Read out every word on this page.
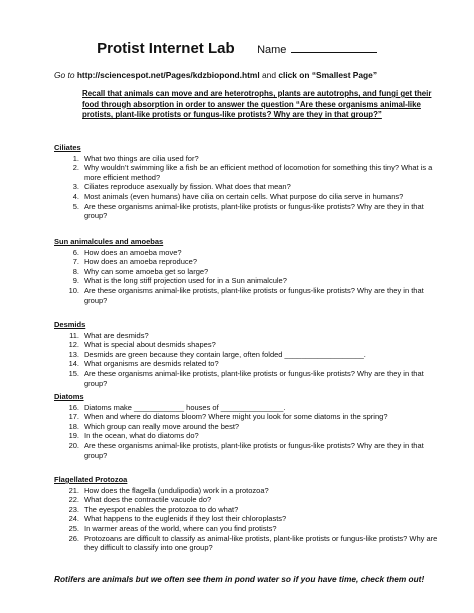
Protist Internet Lab Name
Go to http://sciencespot.net/Pages/kdzbiopond.html and click on “Smallest Page”
Recall that animals can move and are heterotrophs, plants are autotrophs, and fungi get their food through absorption in order to answer the question “Are these organisms animal-like protists, plant-like protists or fungus-like protists? Why are they in that group?”
Ciliates
1. What two things are cilia used for?
2. Why wouldn’t swimming like a fish be an efficient method of locomotion for something this tiny? What is a more efficient method?
3. Ciliates reproduce asexually by fission. What does that mean?
4. Most animals (even humans) have cilia on certain cells. What purpose do cilia serve in humans?
5. Are these organisms animal-like protists, plant-like protists or fungus-like protists? Why are they in that group?
Sun animalcules and amoebas
6. How does an amoeba move?
7. How does an amoeba reproduce?
8. Why can some amoeba get so large?
9. What is the long stiff projection used for in a Sun animalcule?
10. Are these organisms animal-like protists, plant-like protists or fungus-like protists? Why are they in that group?
Desmids
11. What are desmids?
12. What is special about desmids shapes?
13. Desmids are green because they contain large, often folded ___________________.
14. What organisms are desmids related to?
15. Are these organisms animal-like protists, plant-like protists or fungus-like protists? Why are they in that group?
Diatoms
16. Diatoms make ____________ houses of _______________.
17. When and where do diatoms bloom? Where might you look for some diatoms in the spring?
18. Which group can really move around the best?
19. In the ocean, what do diatoms do?
20. Are these organisms animal-like protists, plant-like protists or fungus-like protists? Why are they in that group?
Flagellated Protozoa
21. How does the flagella (undulipodia) work in a protozoa?
22. What does the contractile vacuole do?
23. The eyespot enables the protozoa to do what?
24. What happens to the euglenids if they lost their chloroplasts?
25. In warmer areas of the world, where can you find protists?
26. Protozoans are difficult to classify as animal-like protists, plant-like protists or fungus-like protists? Why are they difficult to classify into one group?
Rotifers are animals but we often see them in pond water so if you have time, check them out!
